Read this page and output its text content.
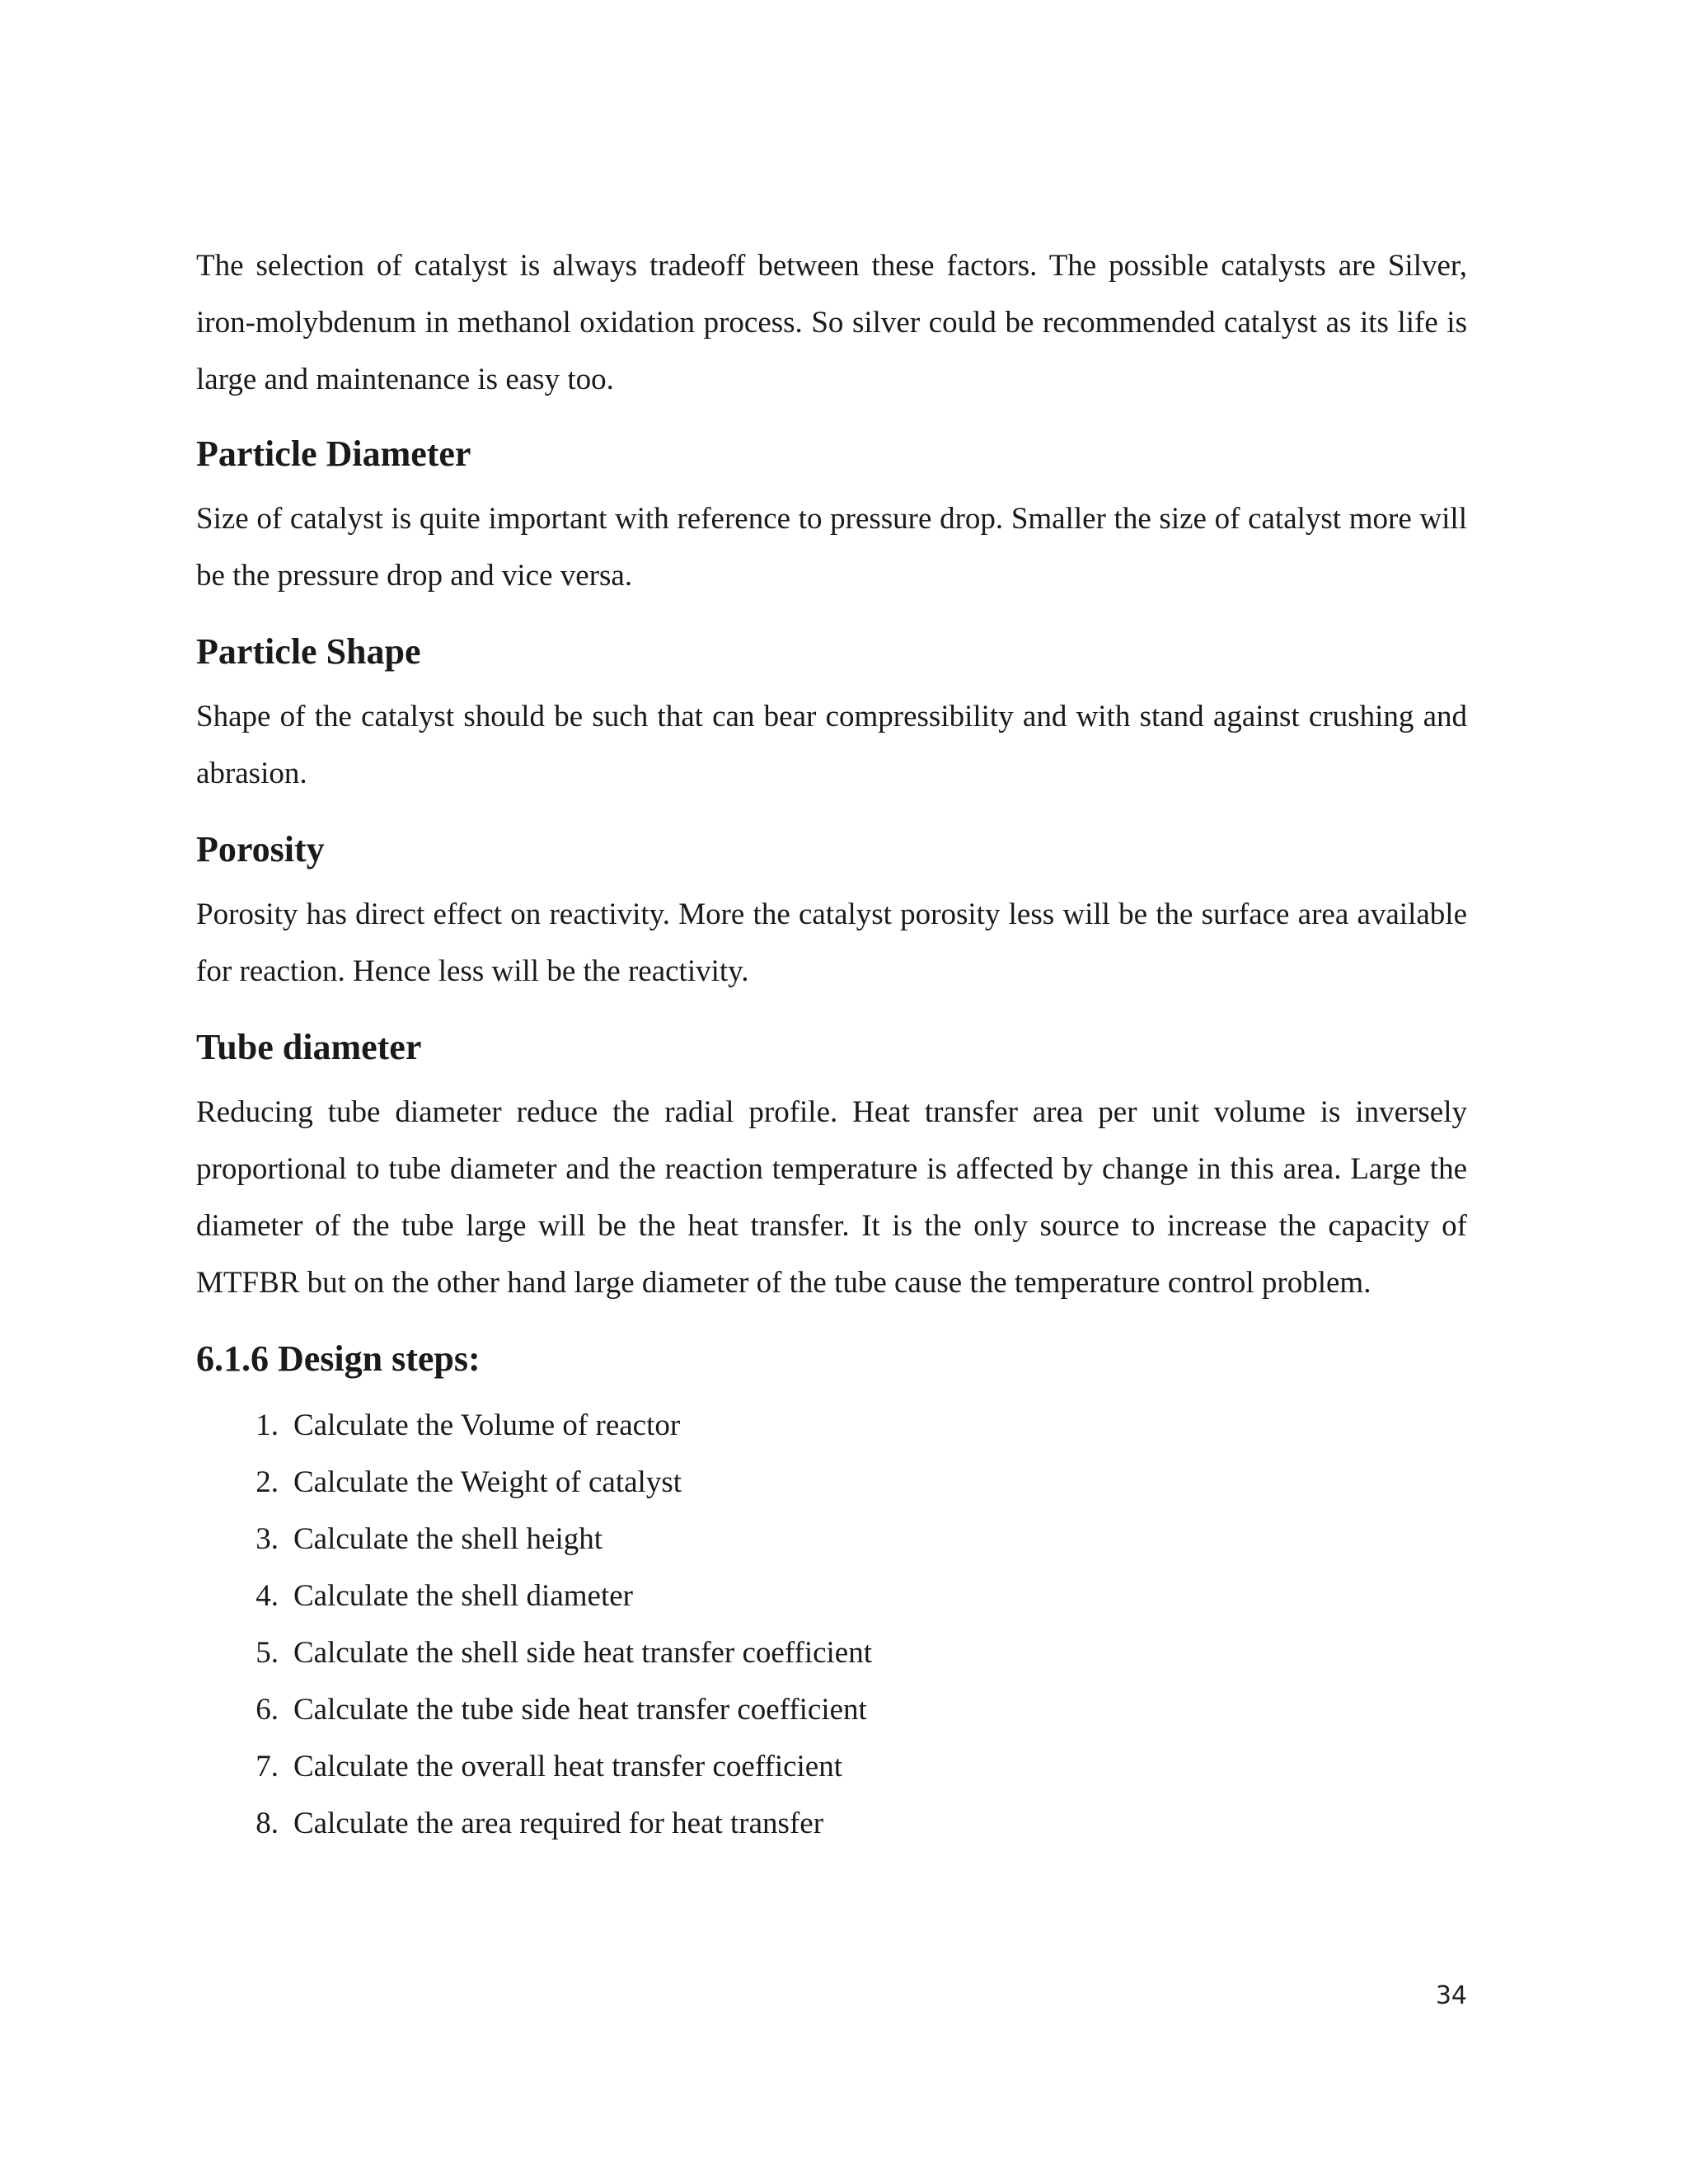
The selection of catalyst is always tradeoff between these factors. The possible catalysts are Silver, iron-molybdenum in methanol oxidation process. So silver could be recommended catalyst as its life is large and maintenance is easy too.

Particle Diameter

Size of catalyst is quite important with reference to pressure drop. Smaller the size of catalyst more will be the pressure drop and vice versa.

Particle Shape

Shape of the catalyst should be such that can bear compressibility and with stand against crushing and abrasion.

Porosity

Porosity has direct effect on reactivity. More the catalyst porosity less will be the surface area available for reaction. Hence less will be the reactivity.

Tube diameter

Reducing tube diameter reduce the radial profile. Heat transfer area per unit volume is inversely proportional to tube diameter and the reaction temperature is affected by change in this area. Large the diameter of the tube large will be the heat transfer. It is the only source to increase the capacity of MTFBR but on the other hand large diameter of the tube cause the temperature control problem.

6.1.6 Design steps:
1. Calculate the Volume of reactor
2. Calculate the Weight of catalyst
3. Calculate the shell height
4. Calculate the shell diameter
5. Calculate the shell side heat transfer coefficient
6. Calculate the tube side heat transfer coefficient
7. Calculate the overall heat transfer coefficient
8. Calculate the area required for heat transfer
34
